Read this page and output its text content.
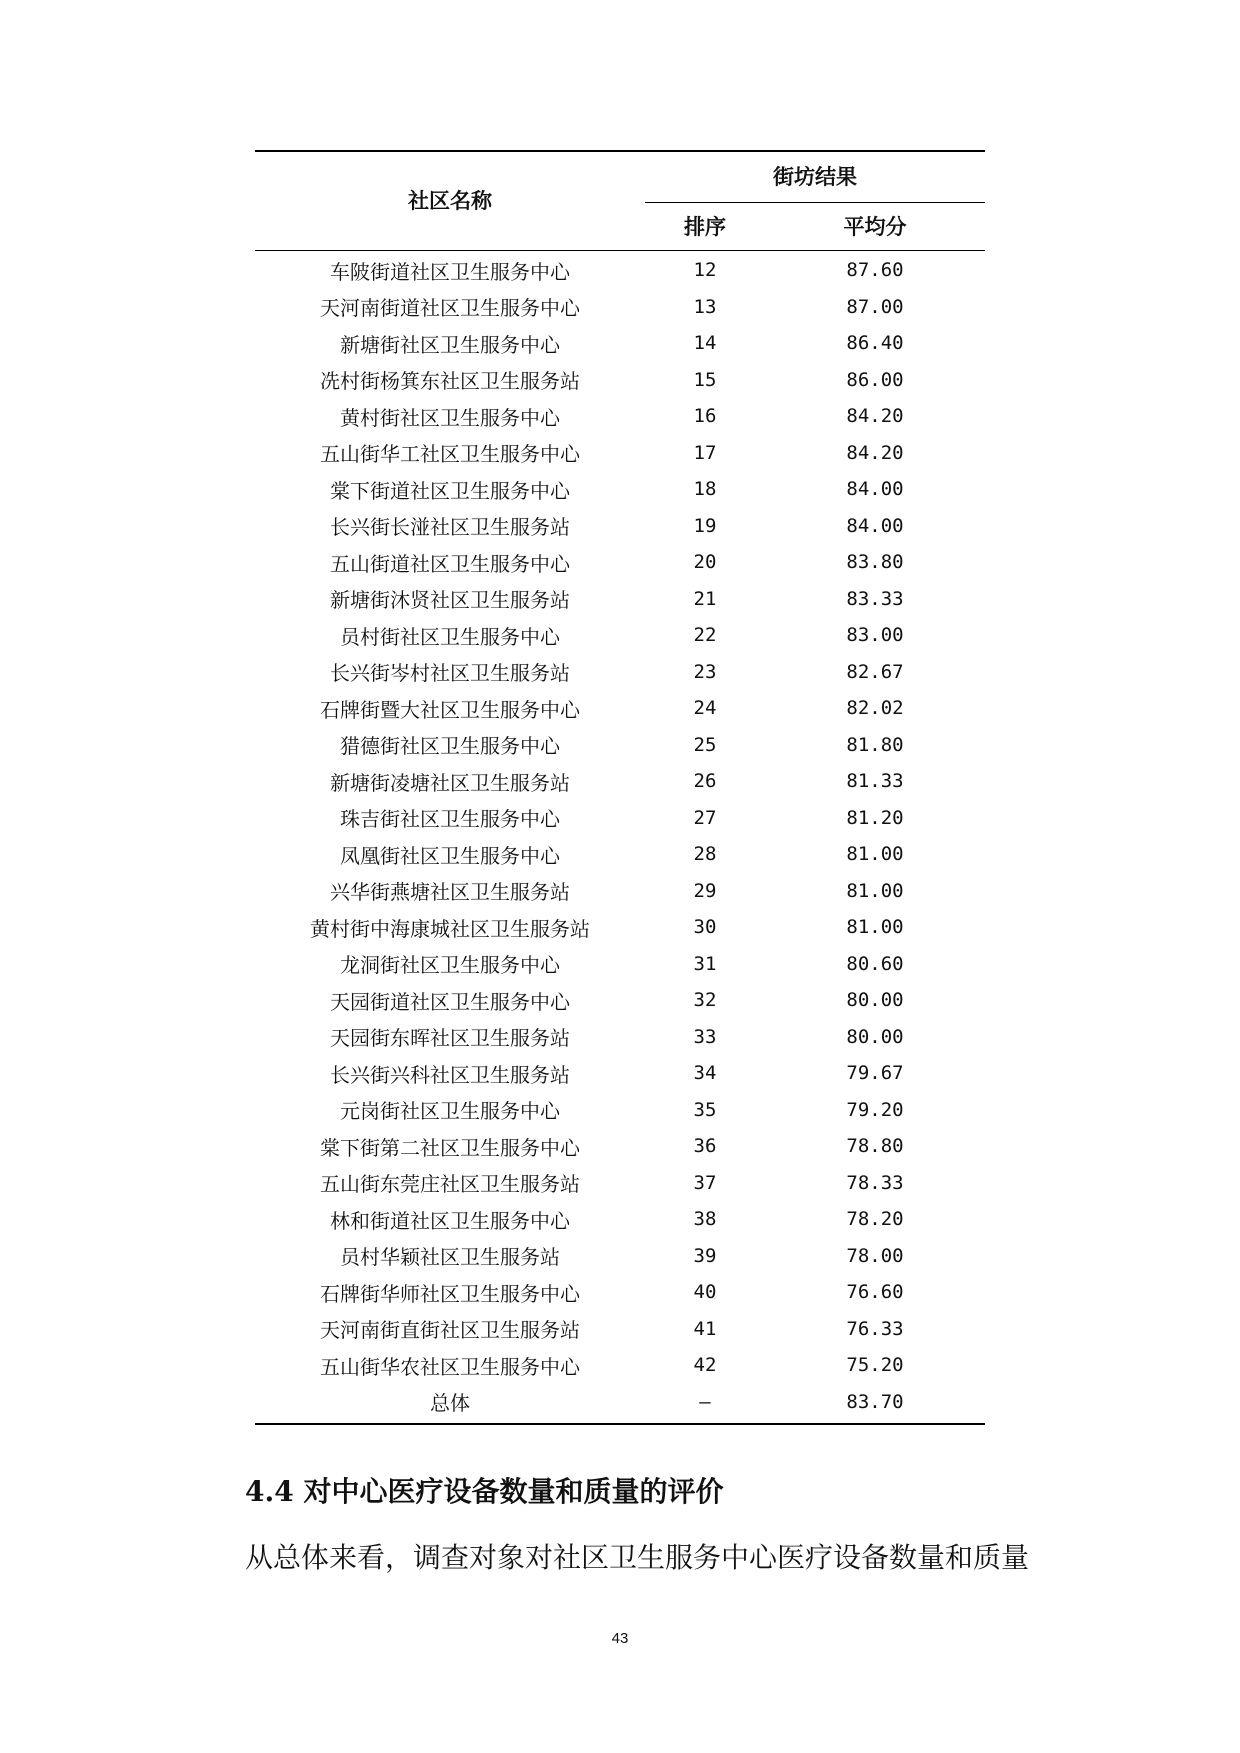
社区名称
街坊结果
排序	平均分
车陂街道社区卫生服务中心	12	87.60
天河南街道社区卫生服务中心	13	87.00
新塘街社区卫生服务中心	14	86.40
冼村街杨箕东社区卫生服务站	15	86.00
黄村街社区卫生服务中心	16	84.20
五山街华工社区卫生服务中心	17	84.20
棠下街道社区卫生服务中心	18	84.00
长兴街长湴社区卫生服务站	19	84.00
五山街道社区卫生服务中心	20	83.80
新塘街沐贤社区卫生服务站	21	83.33
员村街社区卫生服务中心	22	83.00
长兴街岑村社区卫生服务站	23	82.67
石牌街暨大社区卫生服务中心	24	82.02
猎德街社区卫生服务中心	25	81.80
新塘街凌塘社区卫生服务站	26	81.33
珠吉街社区卫生服务中心	27	81.20
凤凰街社区卫生服务中心	28	81.00
兴华街燕塘社区卫生服务站	29	81.00
黄村街中海康城社区卫生服务站	30	81.00
龙洞街社区卫生服务中心	31	80.60
天园街道社区卫生服务中心	32	80.00
天园街东晖社区卫生服务站	33	80.00
长兴街兴科社区卫生服务站	34	79.67
元岗街社区卫生服务中心	35	79.20
棠下街第二社区卫生服务中心	36	78.80
五山街东莞庄社区卫生服务站	37	78.33
林和街道社区卫生服务中心	38	78.20
员村华颖社区卫生服务站	39	78.00
石牌街华师社区卫生服务中心	40	76.60
天河南街直街社区卫生服务站	41	76.33
五山街华农社区卫生服务中心	42	75.20
总体	—	83.70
4.4 对中心医疗设备数量和质量的评价
从总体来看，调查对象对社区卫生服务中心医疗设备数量和质量
43
